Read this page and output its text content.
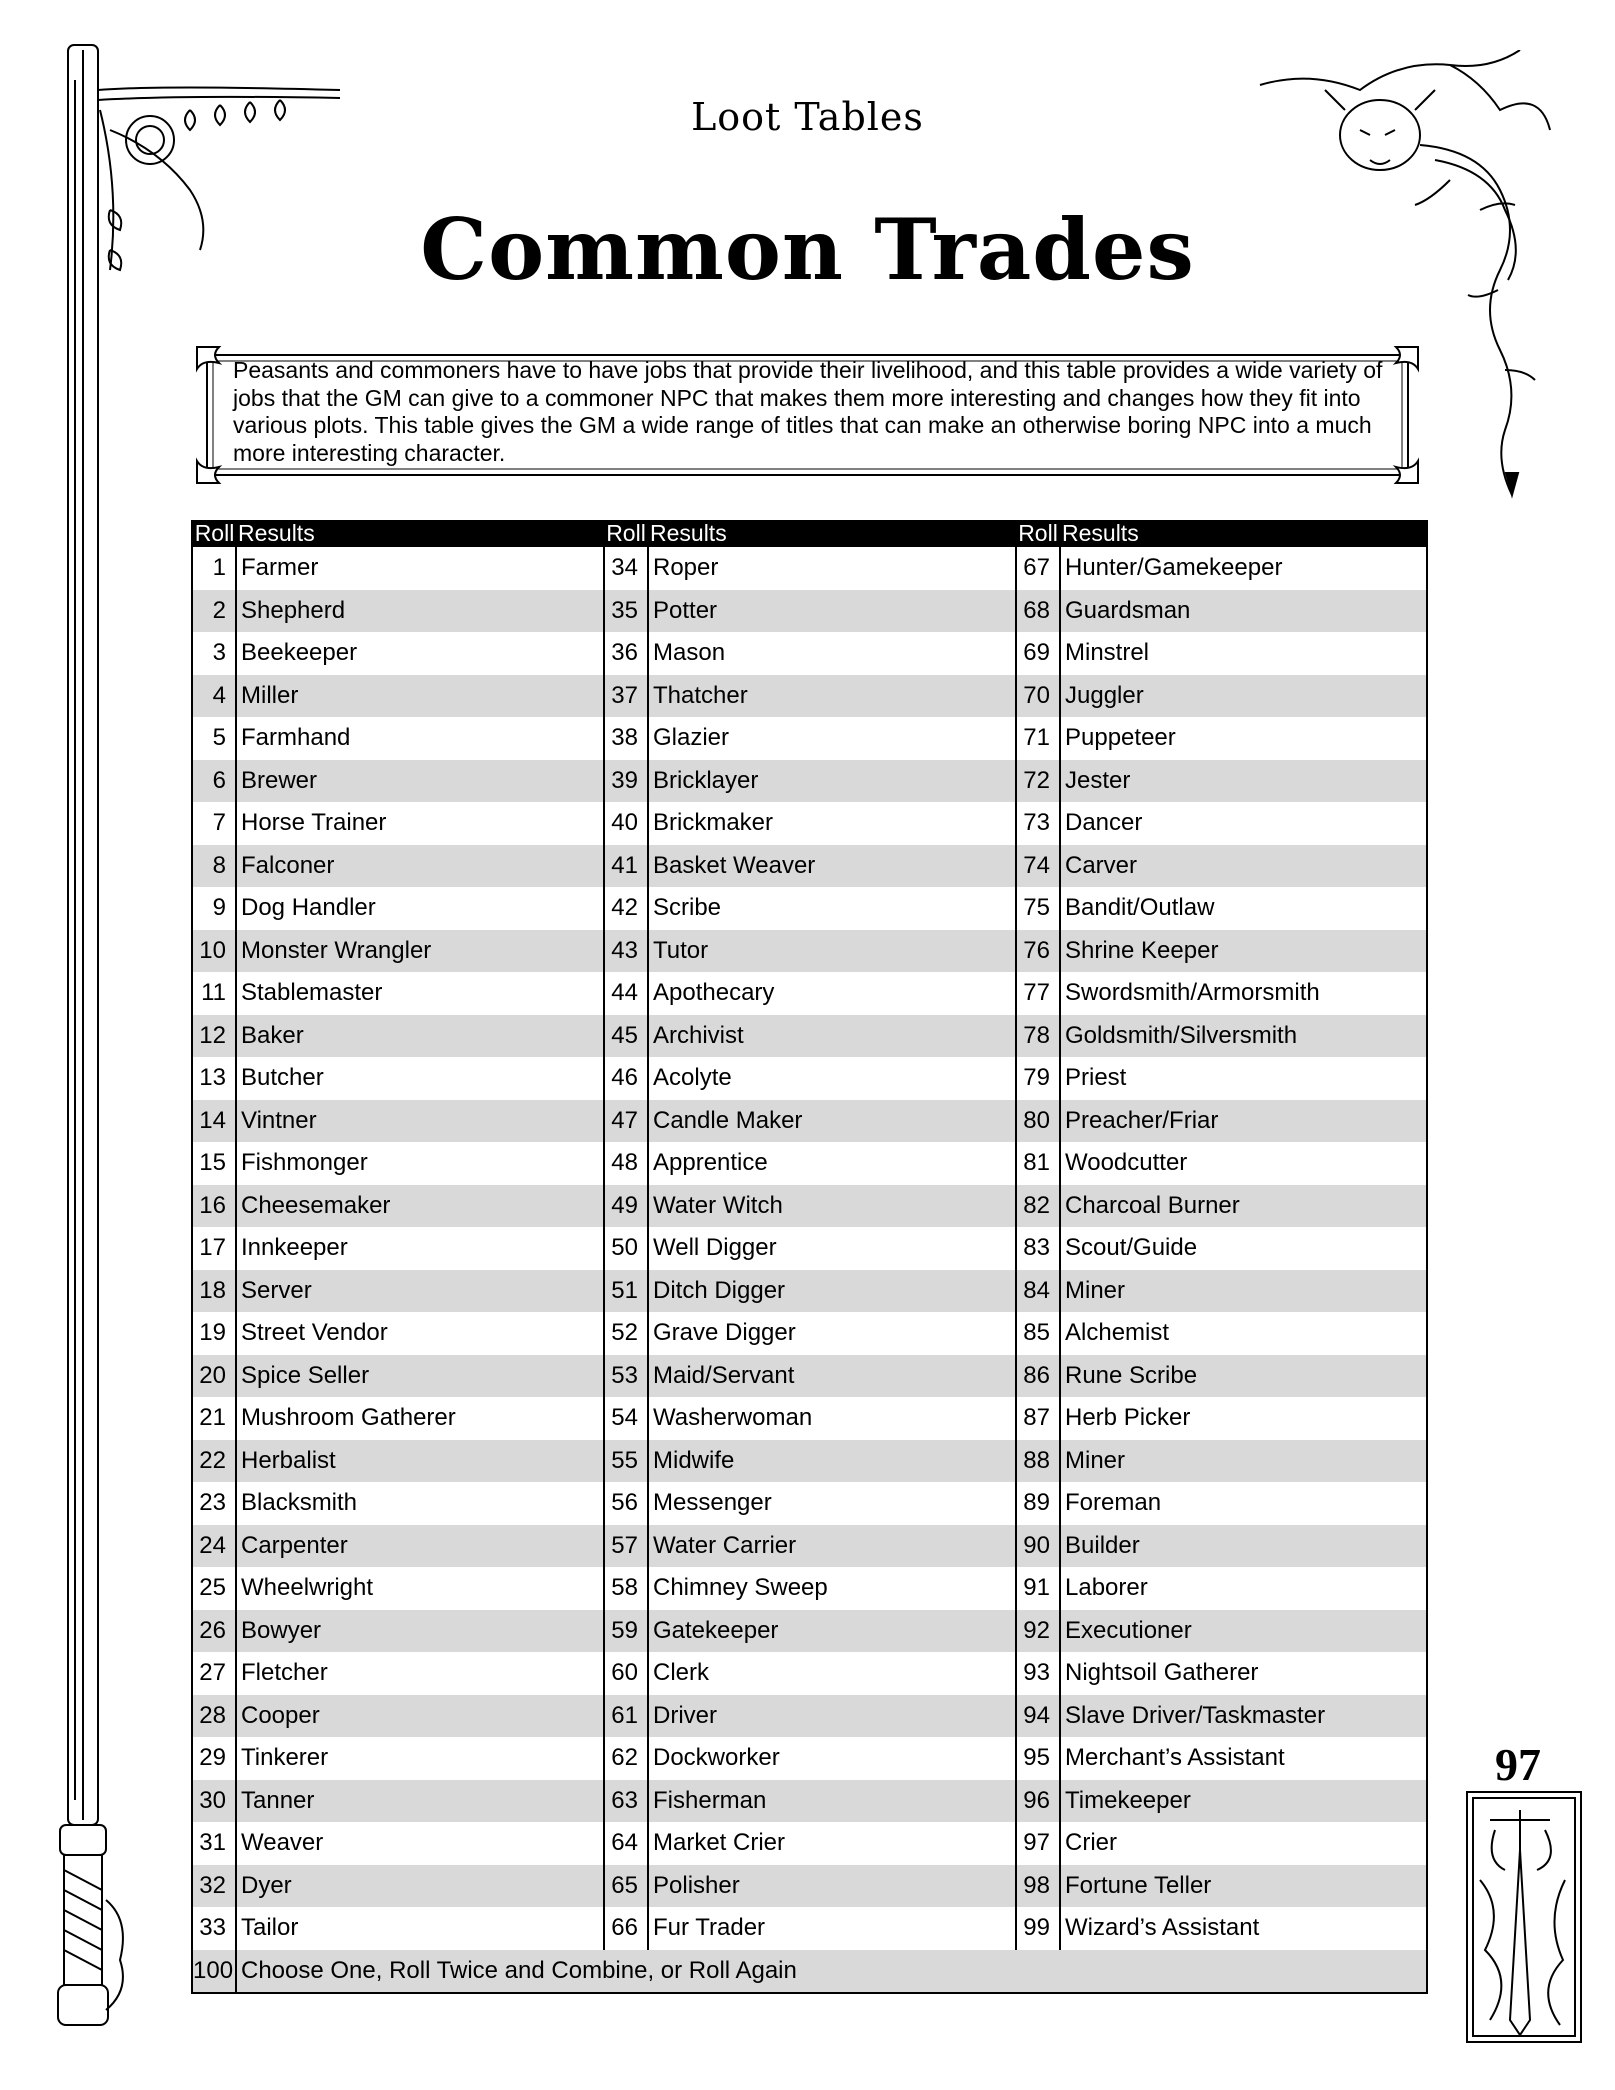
Loot Tables
Common Trades
Peasants and commoners have to have jobs that provide their livelihood, and this table provides a wide variety of jobs that the GM can give to a commoner NPC that makes them more interesting and changes how they fit into various plots. This table gives the GM a wide range of titles that can make an otherwise boring NPC into a much more interesting character.
Roll	Results	Roll	Results	Roll	Results
1	Farmer	34	Roper	67	Hunter/Gamekeeper
2	Shepherd	35	Potter	68	Guardsman
3	Beekeeper	36	Mason	69	Minstrel
4	Miller	37	Thatcher	70	Juggler
5	Farmhand	38	Glazier	71	Puppeteer
6	Brewer	39	Bricklayer	72	Jester
7	Horse Trainer	40	Brickmaker	73	Dancer
8	Falconer	41	Basket Weaver	74	Carver
9	Dog Handler	42	Scribe	75	Bandit/Outlaw
10	Monster Wrangler	43	Tutor	76	Shrine Keeper
11	Stablemaster	44	Apothecary	77	Swordsmith/Armorsmith
12	Baker	45	Archivist	78	Goldsmith/Silversmith
13	Butcher	46	Acolyte	79	Priest
14	Vintner	47	Candle Maker	80	Preacher/Friar
15	Fishmonger	48	Apprentice	81	Woodcutter
16	Cheesemaker	49	Water Witch	82	Charcoal Burner
17	Innkeeper	50	Well Digger	83	Scout/Guide
18	Server	51	Ditch Digger	84	Miner
19	Street Vendor	52	Grave Digger	85	Alchemist
20	Spice Seller	53	Maid/Servant	86	Rune Scribe
21	Mushroom Gatherer	54	Washerwoman	87	Herb Picker
22	Herbalist	55	Midwife	88	Miner
23	Blacksmith	56	Messenger	89	Foreman
24	Carpenter	57	Water Carrier	90	Builder
25	Wheelwright	58	Chimney Sweep	91	Laborer
26	Bowyer	59	Gatekeeper	92	Executioner
27	Fletcher	60	Clerk	93	Nightsoil Gatherer
28	Cooper	61	Driver	94	Slave Driver/Taskmaster
29	Tinkerer	62	Dockworker	95	Merchant’s Assistant
30	Tanner	63	Fisherman	96	Timekeeper
31	Weaver	64	Market Crier	97	Crier
32	Dyer	65	Polisher	98	Fortune Teller
33	Tailor	66	Fur Trader	99	Wizard’s Assistant
100	Choose One, Roll Twice and Combine, or Roll Again				
97
